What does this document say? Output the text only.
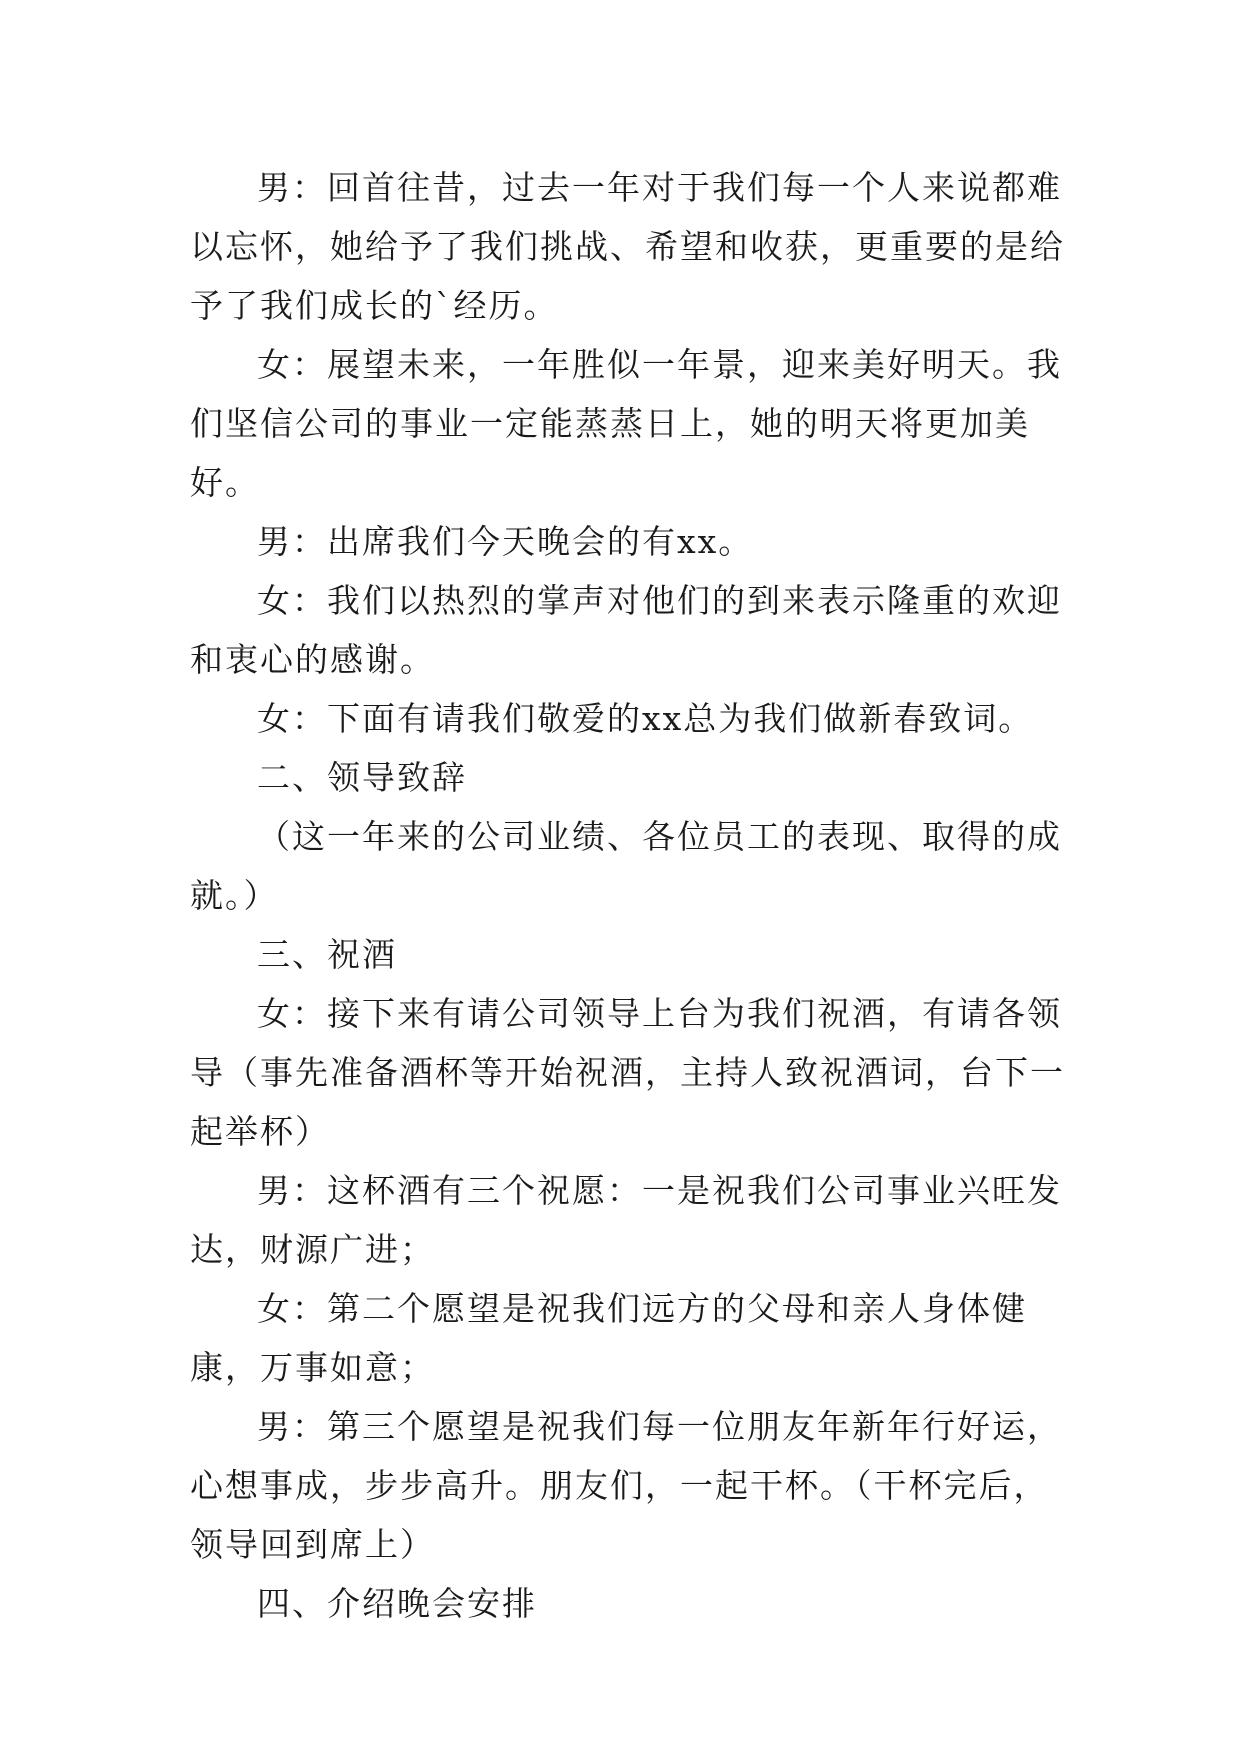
男：回首往昔，过去一年对于我们每一个人来说都难以忘怀，她给予了我们挑战、希望和收获，更重要的是给予了我们成长的`经历。

女：展望未来，一年胜似一年景，迎来美好明天。我们坚信公司的事业一定能蒸蒸日上，她的明天将更加美好。

男：出席我们今天晚会的有xx。

女：我们以热烈的掌声对他们的到来表示隆重的欢迎和衷心的感谢。

女：下面有请我们敬爱的xx总为我们做新春致词。

二、领导致辞

（这一年来的公司业绩、各位员工的表现、取得的成就。）

三、祝酒

女：接下来有请公司领导上台为我们祝酒，有请各领导（事先准备酒杯等开始祝酒，主持人致祝酒词，台下一起举杯）

男：这杯酒有三个祝愿：一是祝我们公司事业兴旺发达，财源广进；

女：第二个愿望是祝我们远方的父母和亲人身体健康，万事如意；

男：第三个愿望是祝我们每一位朋友年新年行好运，心想事成，步步高升。朋友们，一起干杯。（干杯完后，领导回到席上）

四、介绍晚会安排
